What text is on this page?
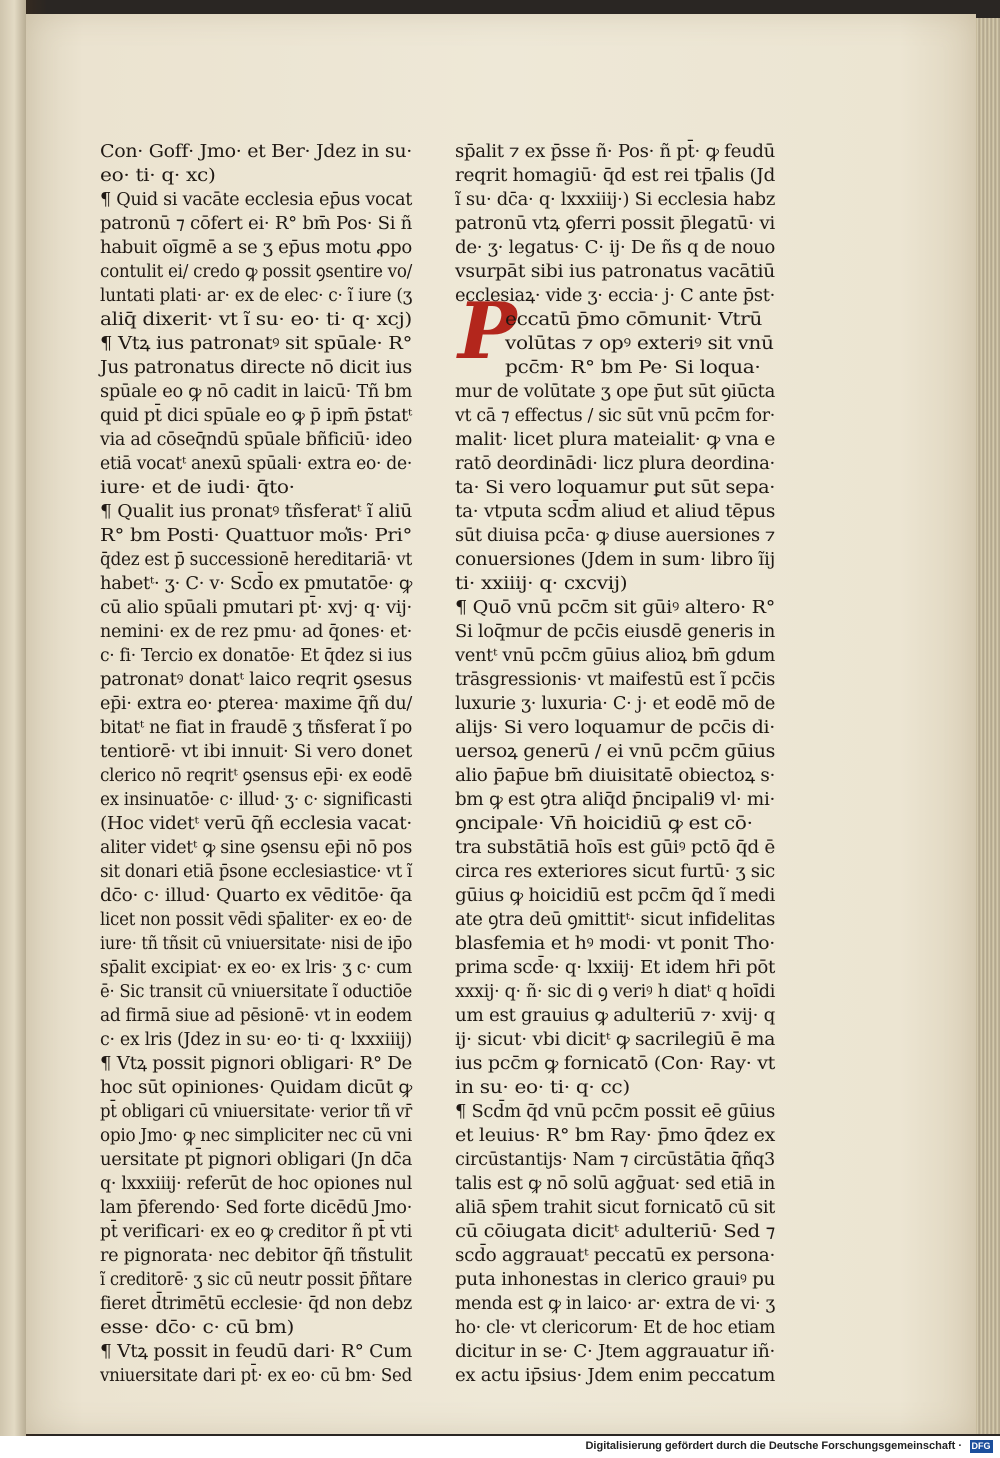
P
Con· Goff· Jmo· et Ber· Jdez in su·
eo· ti· q· xc)
¶ Quid si vacāte ecclesia ep̄us vocat
patronū ⁊ cōfert ei· R° bm̄ Pos· Si ñ
habuit oīgmē a se ʒ ep̄us motu ꝓpo
contulit ei/ credo ꝙ possit ꝯsentire vo/
luntati plati· ar· ex de elec· c· ĩ iure (ʒ
aliq̄ dixerit· vt ĩ su· eo· ti· q· xcj)
¶ Vtꝝ ius patronatꝰ sit spūale· R°
Jus patronatus directe nō dicit ius
spūale eo ꝙ nō cadit in laicū· Tñ bm
quid pt̄ dici spūale eo ꝙ p̄ ipm̄ p̄statᵗ
via ad cōseq̄ndū spūale bñficiū· ideo
etiā vocatᵗ anexū spūali· extra eo· de·
iure· et de iudi· q̄to·
¶ Qualit ius pronatꝰ tñsferatᵗ ĩ aliū
R° bm Posti· Quattuor mo͛is· Pri°
q̄dez est p̄ successionē hereditariā· vt
habetᵗ· ʒ· C· v· Scd̄o ex pmutatōe· ꝙ
cū alio spūali pmutari pt̄· xvj· q· vij·
nemini· ex de rez pmu· ad q̄ones· et·
c· fi· Tercio ex donatōe· Et q̄dez si ius
patronatꝰ donatᵗ laico reqrit ꝯsesus
ep̄i· extra eo· ꝑterea· maxime q̄ñ du/
bitatᵗ ne fiat in fraudē ʒ tñsferat ĩ po
tentiorē· vt ibi innuit· Si vero donet
clerico nō reqritᵗ ꝯsensus ep̄i· ex eodē
ex insinuatōe· c· illud· ʒ· c· significasti
(Hoc videtᵗ verū q̄ñ ecclesia vacat·
aliter videtᵗ ꝙ sine ꝯsensu ep̄i nō pos
sit donari etiā p̄sone ecclesiastice· vt ĩ
dc̄o· c· illud· Quarto ex vēditōe· q̄a
licet non possit vēdi sp̄aliter· ex eo· de
iure· tñ tñsit cū vniuersitate· nisi de ip̄o
sp̄alit excipiat· ex eo· ex lris· ʒ c· cum
ē· Sic transit cū vniuersitate ĩ oductiōe
ad firmā siue ad pēsionē· vt in eodem
c· ex lris (Jdez in su· eo· ti· q· lxxxiiij)
¶ Vtꝝ possit pignori obligari· R° De
hoc sūt opiniones· Quidam dicūt ꝙ
pt̄ obligari cū vniuersitate· verior tñ vr̄
opio Jmo· ꝙ nec simpliciter nec cū vni
uersitate pt̄ pignori obligari (Jn dc̄a
q· lxxxiiij· referūt de hoc opiones nul
lam p̄ferendo· Sed forte dicēdū Jmo·
pt̄ verificari· ex eo ꝙ creditor ñ pt̄ vti
re pignorata· nec debitor q̄ñ tñstulit
ĩ creditorē· ʒ sic cū neutr possit p̄ñtare
fieret d̄trimētū ecclesie· q̄d non debz
esse· dc̄o· c· cū bm)
¶ Vtꝝ possit in feudū dari· R° Cum
vniuersitate dari pt̄· ex eo· cū bm· Sed
sp̄alit ⁊ ex p̄sse ñ· Pos· ñ pt̄· ꝙ feudū
reqrit homagiū· q̄d est rei tp̄alis (Jd
ĩ su· dc̄a· q· lxxxiiij·) Si ecclesia habz
patronū vtꝝ ꝯferri possit p̄legatū· vi
de· ʒ· legatus· C· ij· De ñs q de nouo
vsurpāt sibi ius patronatus vacātiū
ecclesiaꝝ· vide ʒ· eccia· j· C ante p̄st·
eccatū p̄mo cōmunit· Vtrū
volūtas ⁊ opꝰ exteriꝰ sit vnū
pcc̄m· R° bm Pe· Si loqua·
mur de volūtate ʒ ope p̄ut sūt ꝯiūcta
vt cā ⁊ effectus / sic sūt vnū pcc̄m for·
malit· licet plura mateialit· ꝙ vna e
ratō deordinādi· licz plura deordina·
ta· Si vero loquamur ꝑut sūt sepa·
ta· vtputa scd̄m aliud et aliud tēpus
sūt diuisa pcc̄a· ꝙ diuse auersiones ⁊
conuersiones (Jdem in sum· libro ĩij
ti· xxiiij· q· cxcvij)
¶ Quō vnū pcc̄m sit gūiꝰ altero· R°
Si loq̄mur de pcc̄is eiusdē generis in
ventᵗ vnū pcc̄m gūius alioꝝ bm̄ gdum
trāsgressionis· vt maifestū est ĩ pcc̄is
luxurie ʒ· luxuria· C· j· et eodē mō de
alijs· Si vero loquamur de pcc̄is di·
uersoꝝ generū / ei vnū pcc̄m gūius
alio p̄ap̄ue bm̄ diuisitatē obiectoꝝ s·
bm ꝙ est ꝯtra aliq̄d p̄ncipali9 vl· mi·
ꝯncipale· Vn̄ hoicidiū ꝙ est cō·
tra substātiā hoīs est gūiꝰ pctō q̄d ē
circa res exteriores sicut furtū· ʒ sic
gūius ꝙ hoicidiū est pcc̄m q̄d ĩ medi
ate ꝯtra deū ꝯmittitᵗ· sicut infidelitas
blasfemia et hꝰ modi· vt ponit Tho·
prima scd̄e· q· lxxiij· Et idem hr̄i pōt
xxxij· q· ñ· sic di ꝯ veriꝰ h diatᵗ q hoīdi
um est grauius ꝙ adulteriū ⁊· xvij· q
ij· sicut· vbi dicitᵗ ꝙ sacrilegiū ē ma
ius pcc̄m ꝙ fornicatō (Con· Ray· vt
in su· eo· ti· q· cc)
¶ Scd̄m q̄d vnū pcc̄m possit eē gūius
et leuius· R° bm Ray· p̄mo q̄dez ex
circūstantijs· Nam ⁊ circūstātia q̄ñq3
talis est ꝙ nō solū agḡuat· sed etiā in
aliā sp̄em trahit sicut fornicatō cū sit
cū cōiugata dicitᵗ adulteriū· Sed ⁊
scd̄o aggrauatᵗ peccatū ex persona·
puta inhonestas in clerico grauiꝰ pu
menda est ꝙ in laico· ar· extra de vi· ʒ
ho· cle· vt clericorum· Et de hoc etiam
dicitur in se· C· Jtem aggrauatur iñ·
ex actu ip̄sius· Jdem enim peccatum
Digitalisierung gefördert durch die Deutsche Forschungsgemeinschaft · DFG
